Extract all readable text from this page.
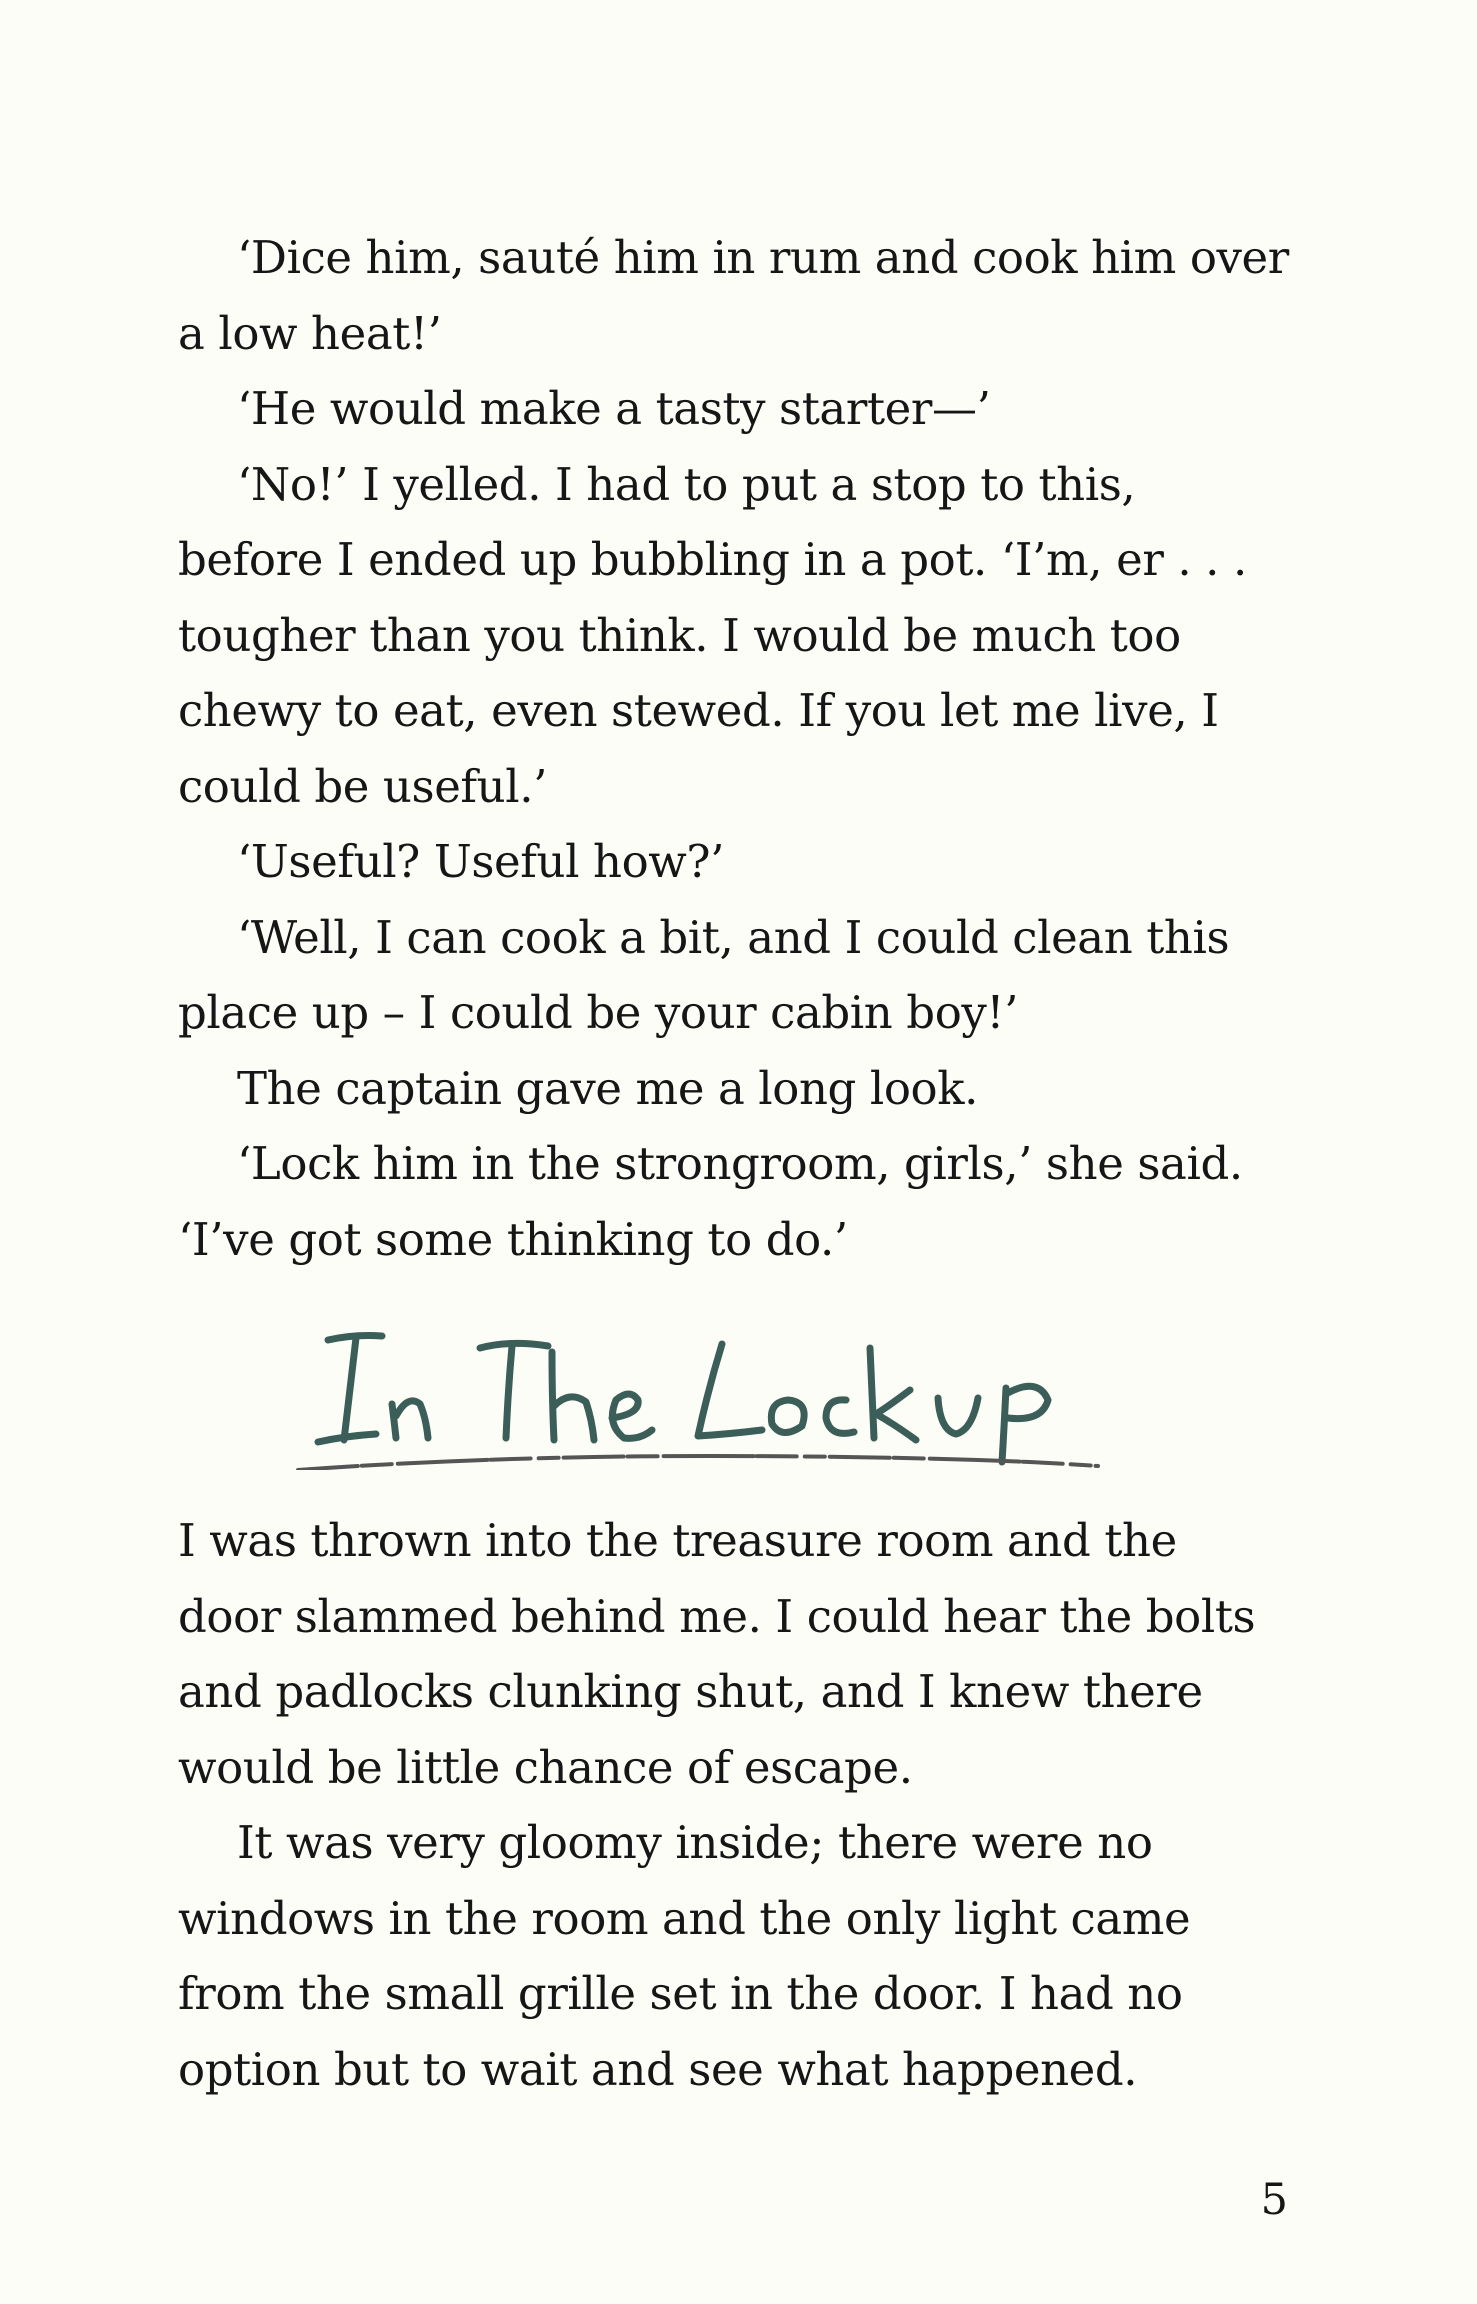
‘Dice him, sauté him in rum and cook him over a low heat!’

‘He would make a tasty starter—’

‘No!’ I yelled. I had to put a stop to this, before I ended up bubbling in a pot. ‘I’m, er . . . tougher than you think. I would be much too chewy to eat, even stewed. If you let me live, I could be useful.’

‘Useful? Useful how?’

‘Well, I can cook a bit, and I could clean this place up – I could be your cabin boy!’

The captain gave me a long look.

‘Lock him in the strongroom, girls,’ she said. ‘I’ve got some thinking to do.’

I was thrown into the treasure room and the door slammed behind me. I could hear the bolts and padlocks clunking shut, and I knew there would be little chance of escape.

It was very gloomy inside; there were no windows in the room and the only light came from the small grille set in the door. I had no option but to wait and see what happened.

5
